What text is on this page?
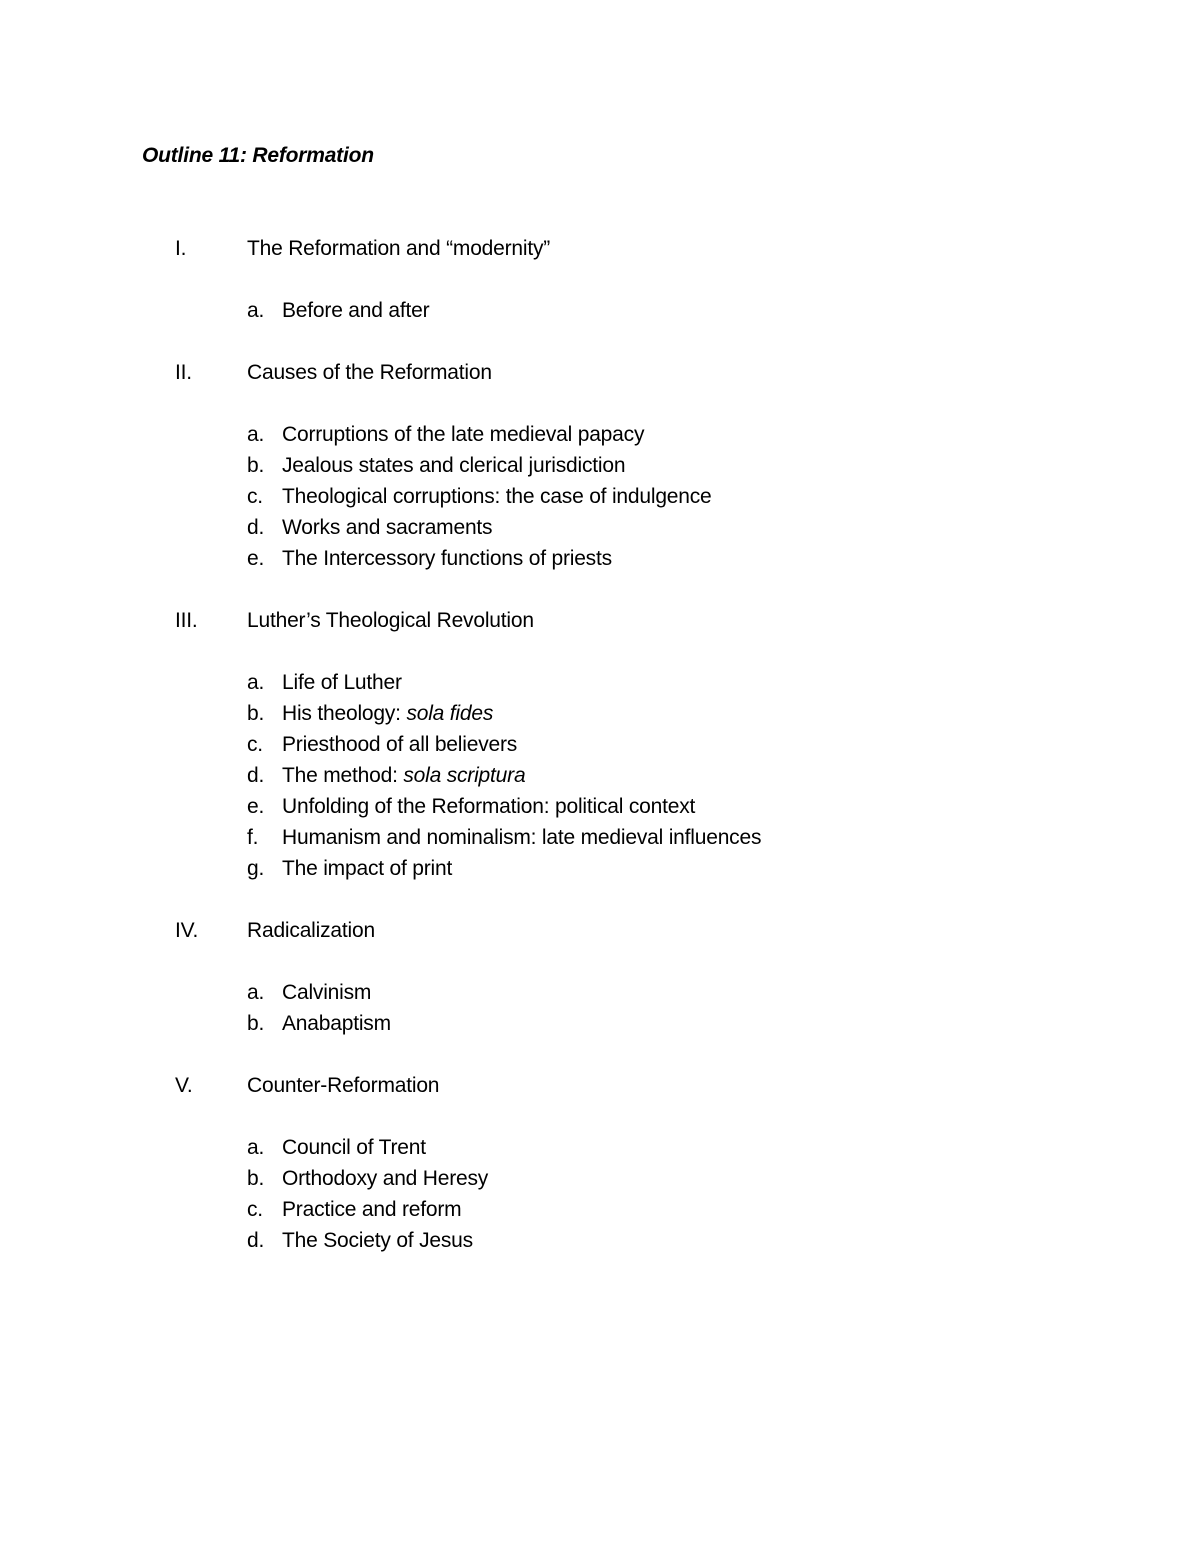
Outline 11: Reformation
I.	The Reformation and “modernity”
a. Before and after
II.	Causes of the Reformation
a. Corruptions of the late medieval papacy
b. Jealous states and clerical jurisdiction
c. Theological corruptions: the case of indulgence
d. Works and sacraments
e. The Intercessory functions of priests
III. Luther’s Theological Revolution
a. Life of Luther
b. His theology: sola fides
c. Priesthood of all believers
d. The method: sola scriptura
e. Unfolding of the Reformation: political context
f. Humanism and nominalism: late medieval influences
g. The impact of print
IV. Radicalization
a. Calvinism
b. Anabaptism
V.	Counter-Reformation
a. Council of Trent
b. Orthodoxy and Heresy
c. Practice and reform
d. The Society of Jesus
